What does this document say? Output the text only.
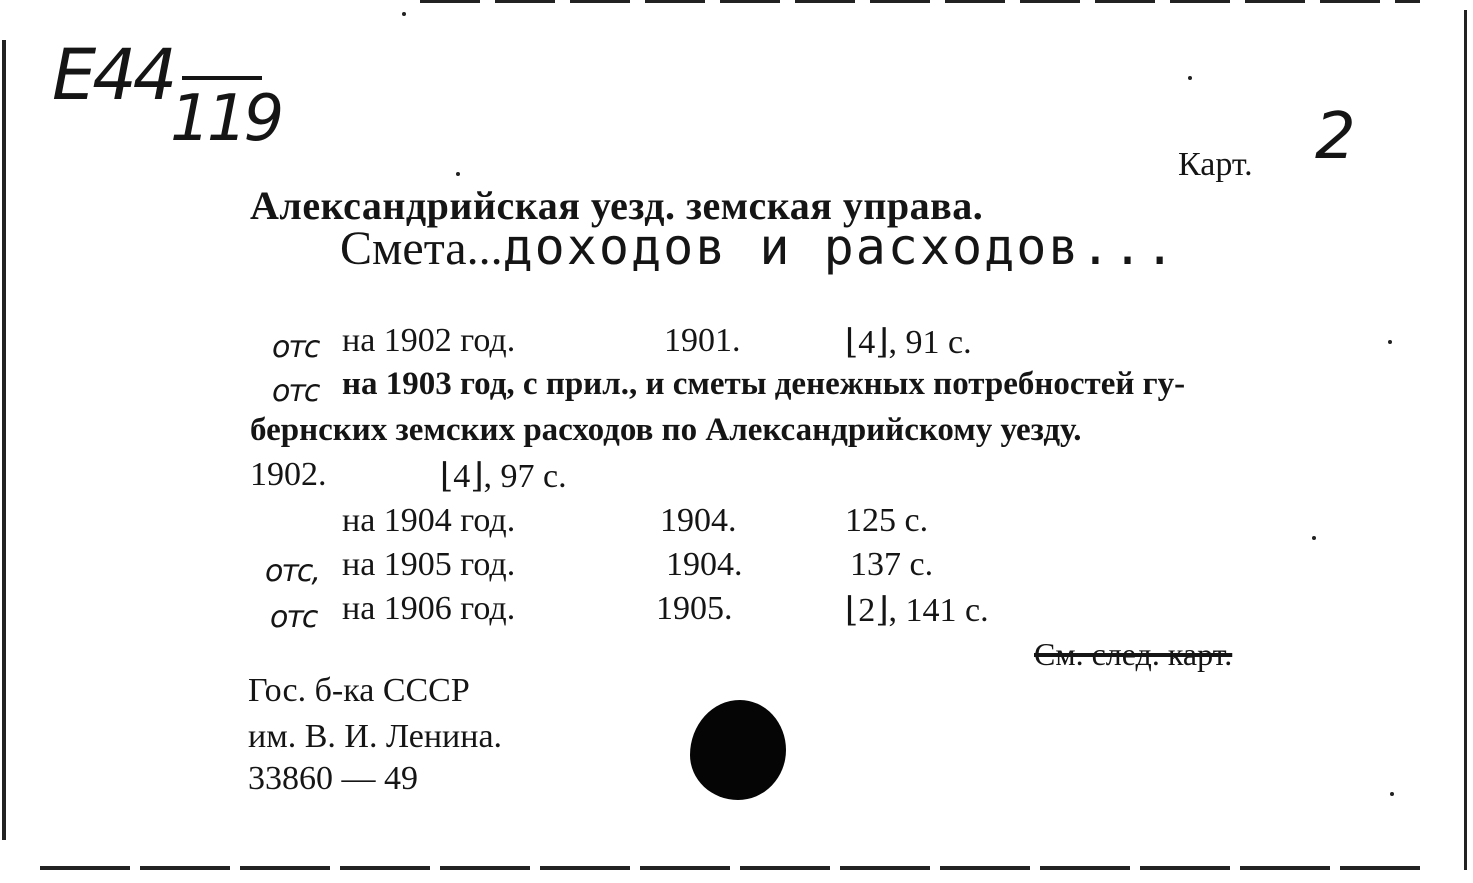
E44
119
Карт. 2
Александрийская уезд. земская управа.
Смета...доходов и расходов...
отс на 1902 год.	1901.	⌊4⌋, 91 с.
отс на 1903 год, с прил., и сметы денежных потребностей гу-
бернских земских расходов по Александрийскому уезду.
1902.	⌊4⌋, 97 с.
на 1904 год.	1904.	125 с.
отс, на 1905 год.	1904.	137 с.
отс на 1906 год.	1905.	⌊2⌋, 141 с.
См. след. карт.
Гос. б-ка СССР
им. В. И. Ленина.
33860 — 49
